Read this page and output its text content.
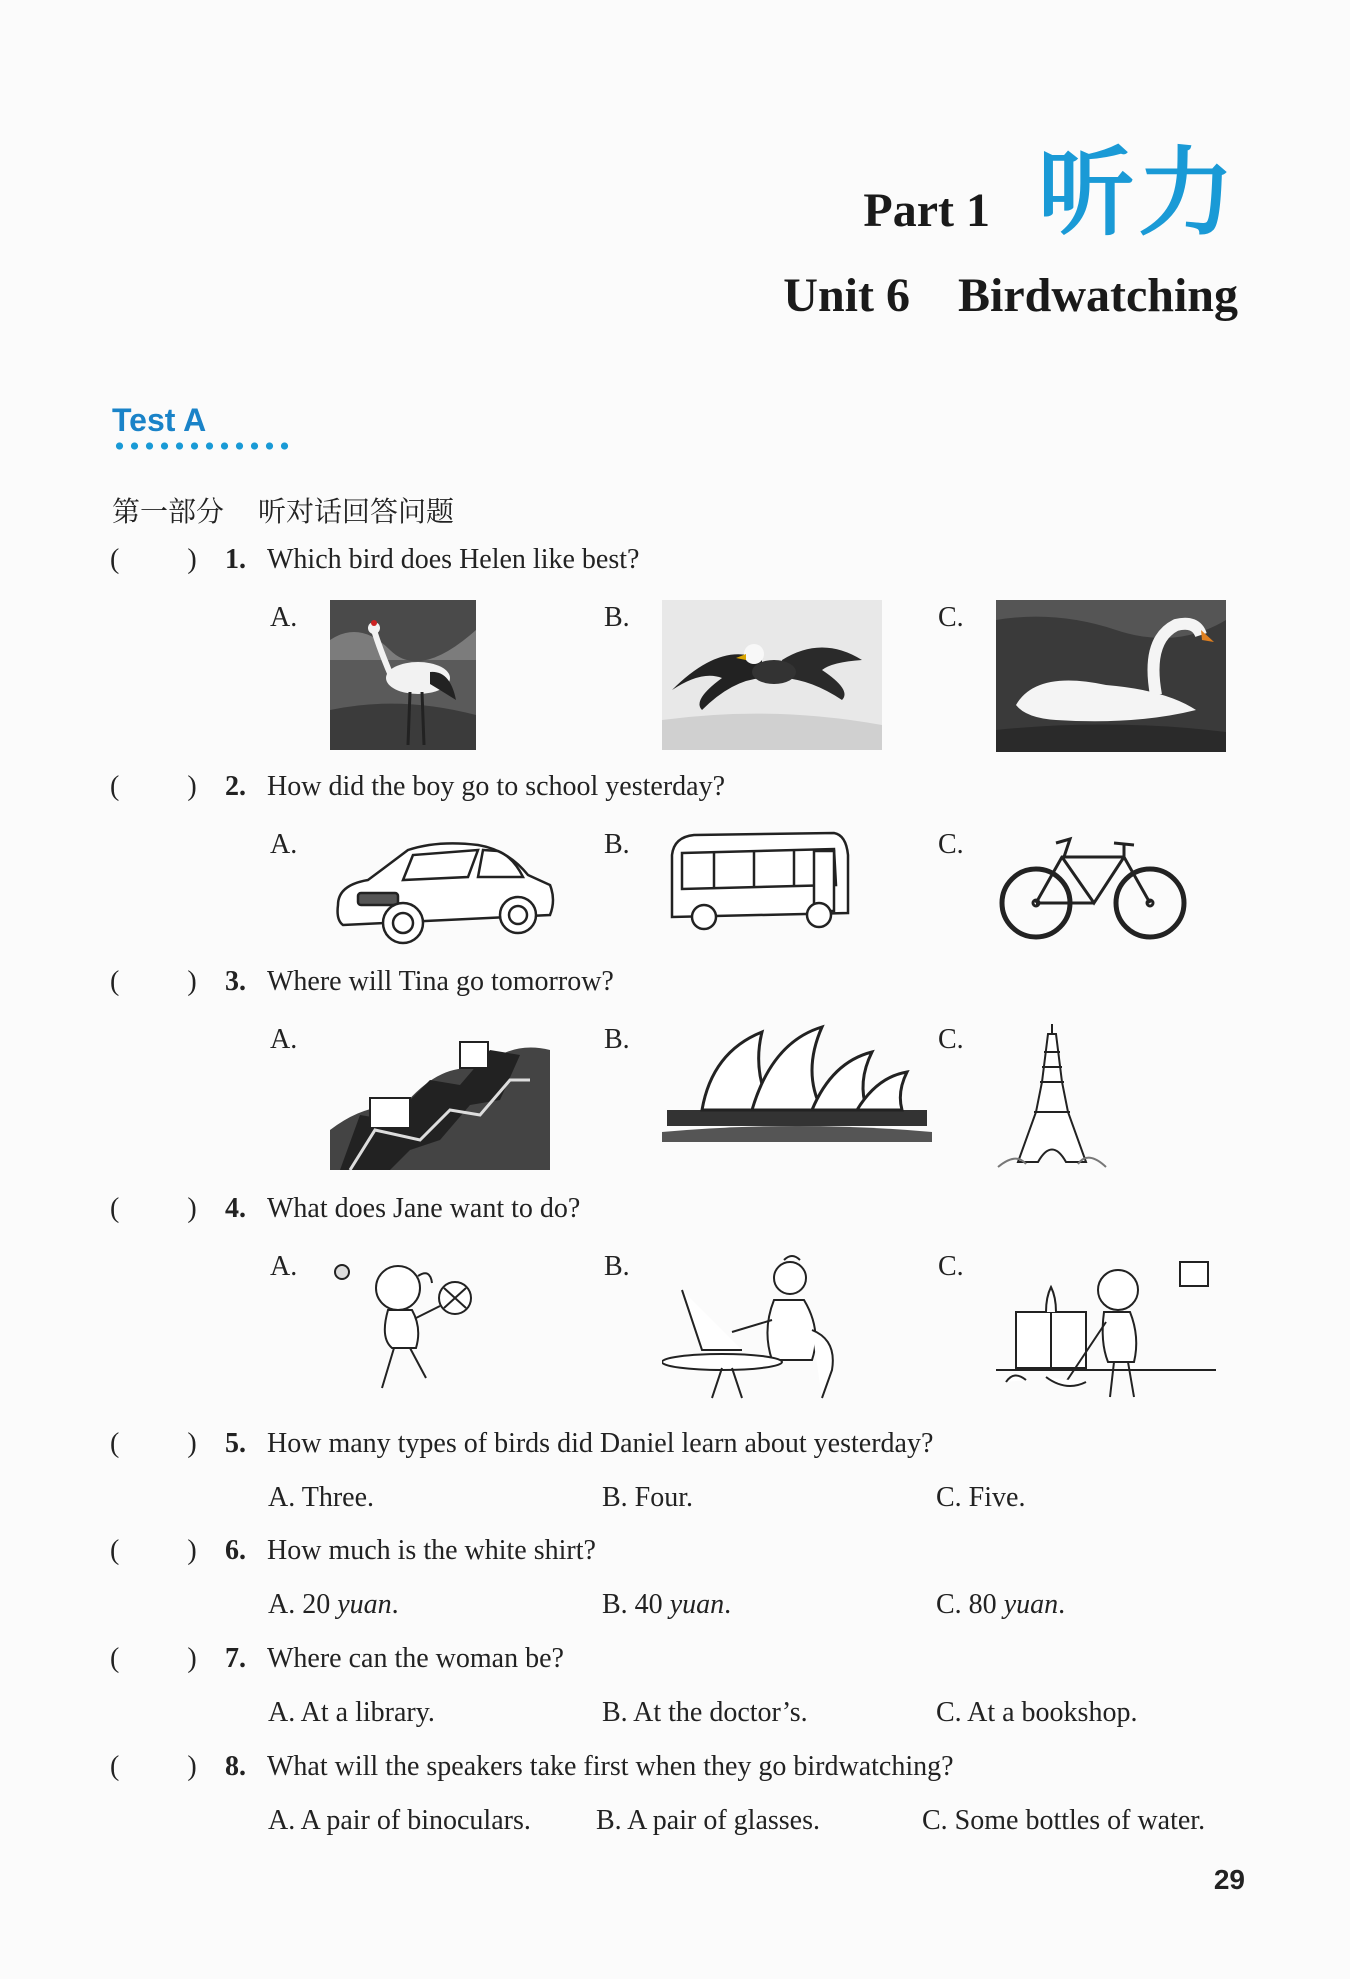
Part 1 听力
Unit 6 Birdwatching
Test A
第一部分 听对话回答问题
( ) 1. Which bird does Helen like best?
A.	B.	C.
( ) 2. How did the boy go to school yesterday?
A.	B.	C.
( ) 3. Where will Tina go tomorrow?
A.	B.	C.
( ) 4. What does Jane want to do?
A.	B.	C.
( ) 5. How many types of birds did Daniel learn about yesterday?
A. Three.	B. Four.	C. Five.
( ) 6. How much is the white shirt?
A. 20 yuan.	B. 40 yuan.	C. 80 yuan.
( ) 7. Where can the woman be?
A. At a library.	B. At the doctor’s.	C. At a bookshop.
( ) 8. What will the speakers take first when they go birdwatching?
A. A pair of binoculars. B. A pair of glasses.	C. Some bottles of water.
29
